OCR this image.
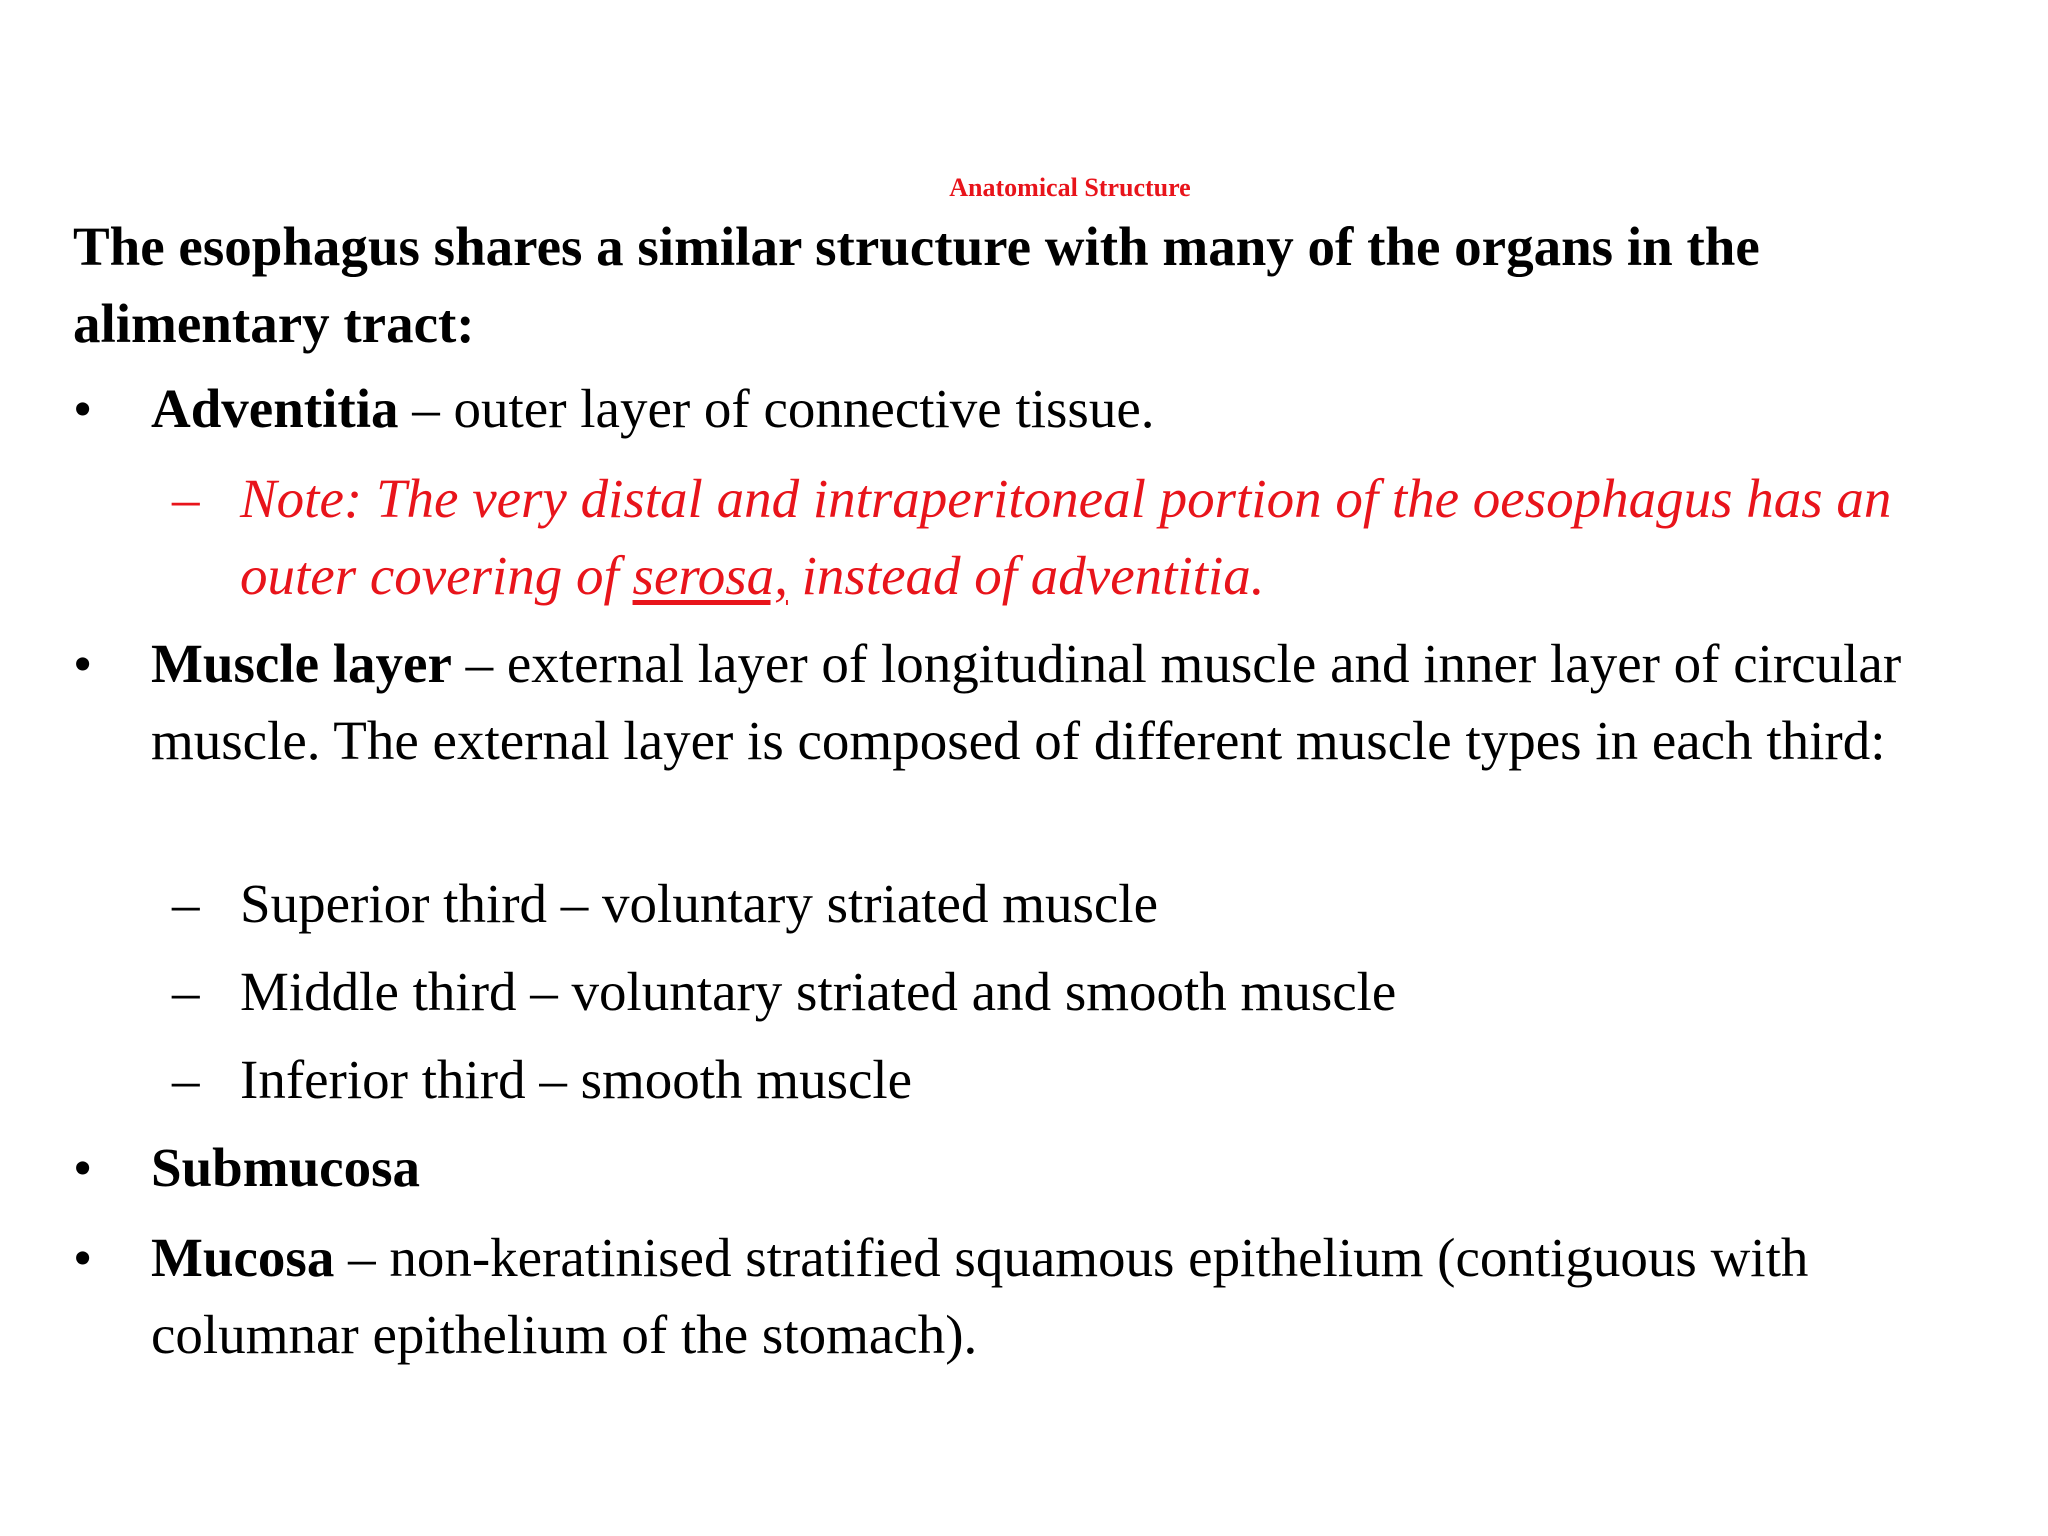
Anatomical Structure
The esophagus shares a similar structure with many of the organs in the alimentary tract:
•	Adventitia – outer layer of connective tissue.
– Note: The very distal and intraperitoneal portion of the oesophagus has an outer covering of serosa, instead of adventitia.
•	Muscle layer – external layer of longitudinal muscle and inner layer of circular muscle. The external layer is composed of different muscle types in each third:
– Superior third – voluntary striated muscle
– Middle third – voluntary striated and smooth muscle
– Inferior third – smooth muscle
•	Submucosa
•	Mucosa – non-keratinised stratified squamous epithelium (contiguous with columnar epithelium of the stomach).
